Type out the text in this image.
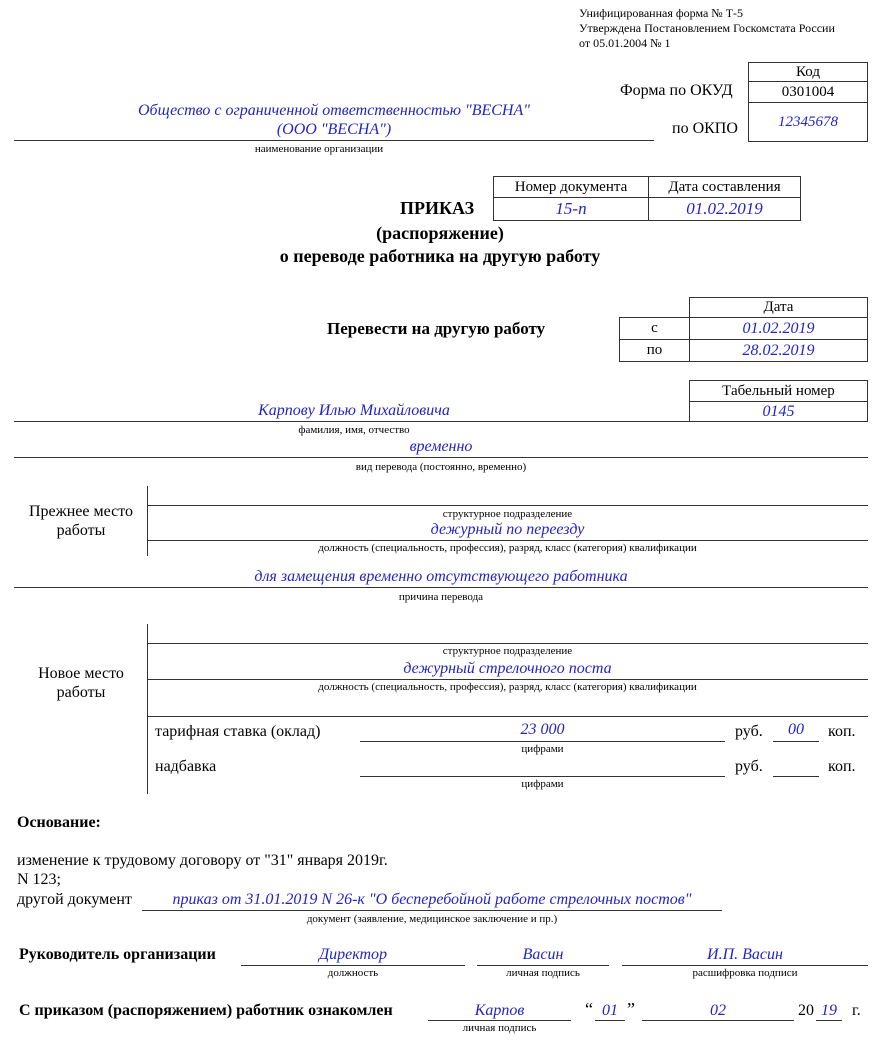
Унифицированная форма № Т-5
Утверждена Постановлением Госкомстата России
от 05.01.2004 № 1
Код
0301004
12345678
Форма по ОКУД
по ОКПО
Общество с ограниченной ответственностью "ВЕСНА"
(ООО "ВЕСНА")
наименование организации
Номер документа	Дата составления
15-п	01.02.2019
ПРИКАЗ
(распоряжение)
о переводе работника на другую работу
Перевести на другую работу
Дата
с	01.02.2019
по	28.02.2019
Табельный номер
0145
Карпову Илью Михайловича
фамилия, имя, отчество
временно
вид перевода (постоянно, временно)
Прежнее место
работы
структурное подразделение
дежурный по переезду
должность (специальность, профессия), разряд, класс (категория) квалификации
для замещения временно отсутствующего работника
причина перевода
Новое место
работы
структурное подразделение
дежурный стрелочного поста
должность (специальность, профессия), разряд, класс (категория) квалификации
тарифная ставка (оклад)	23 000
цифрами
руб.	00	коп.
надбавка
цифрами
руб.	коп.
Основание:
изменение к трудовому договору от "31" января 2019г.
N 123;
другой документ	приказ от 31.01.2019 N 26-к "О бесперебойной работе стрелочных постов"
документ (заявление, медицинское заключение и пр.)
Руководитель организации	Директор
должность
Васин
личная подпись
И.П. Васин
расшифровка подписи
С приказом (распоряжением) работник ознакомлен	Карпов
личная подпись
“ 01 ”	02	20 19 г.
